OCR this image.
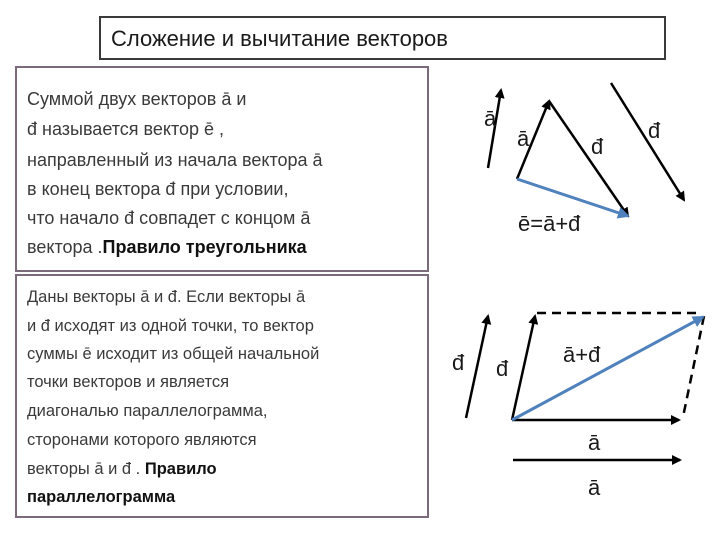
Сложение и вычитание векторов
Суммой двух векторов ā и
đ называется вектор ē ,
направленный из начала вектора ā
в конец вектора đ при условии,
что начало đ совпадет с концом ā
вектора .Правило треугольника
Даны векторы ā и đ. Если векторы ā
и đ исходят из одной точки, то вектор
суммы ē исходит из общей начальной
точки векторов и является
диагональю параллелограмма,
сторонами которого являются
векторы ā и đ . Правило
параллелограмма
ā
ā	đ
đ
ē=ā+đ
đ đ
ā+đ
ā
ā
